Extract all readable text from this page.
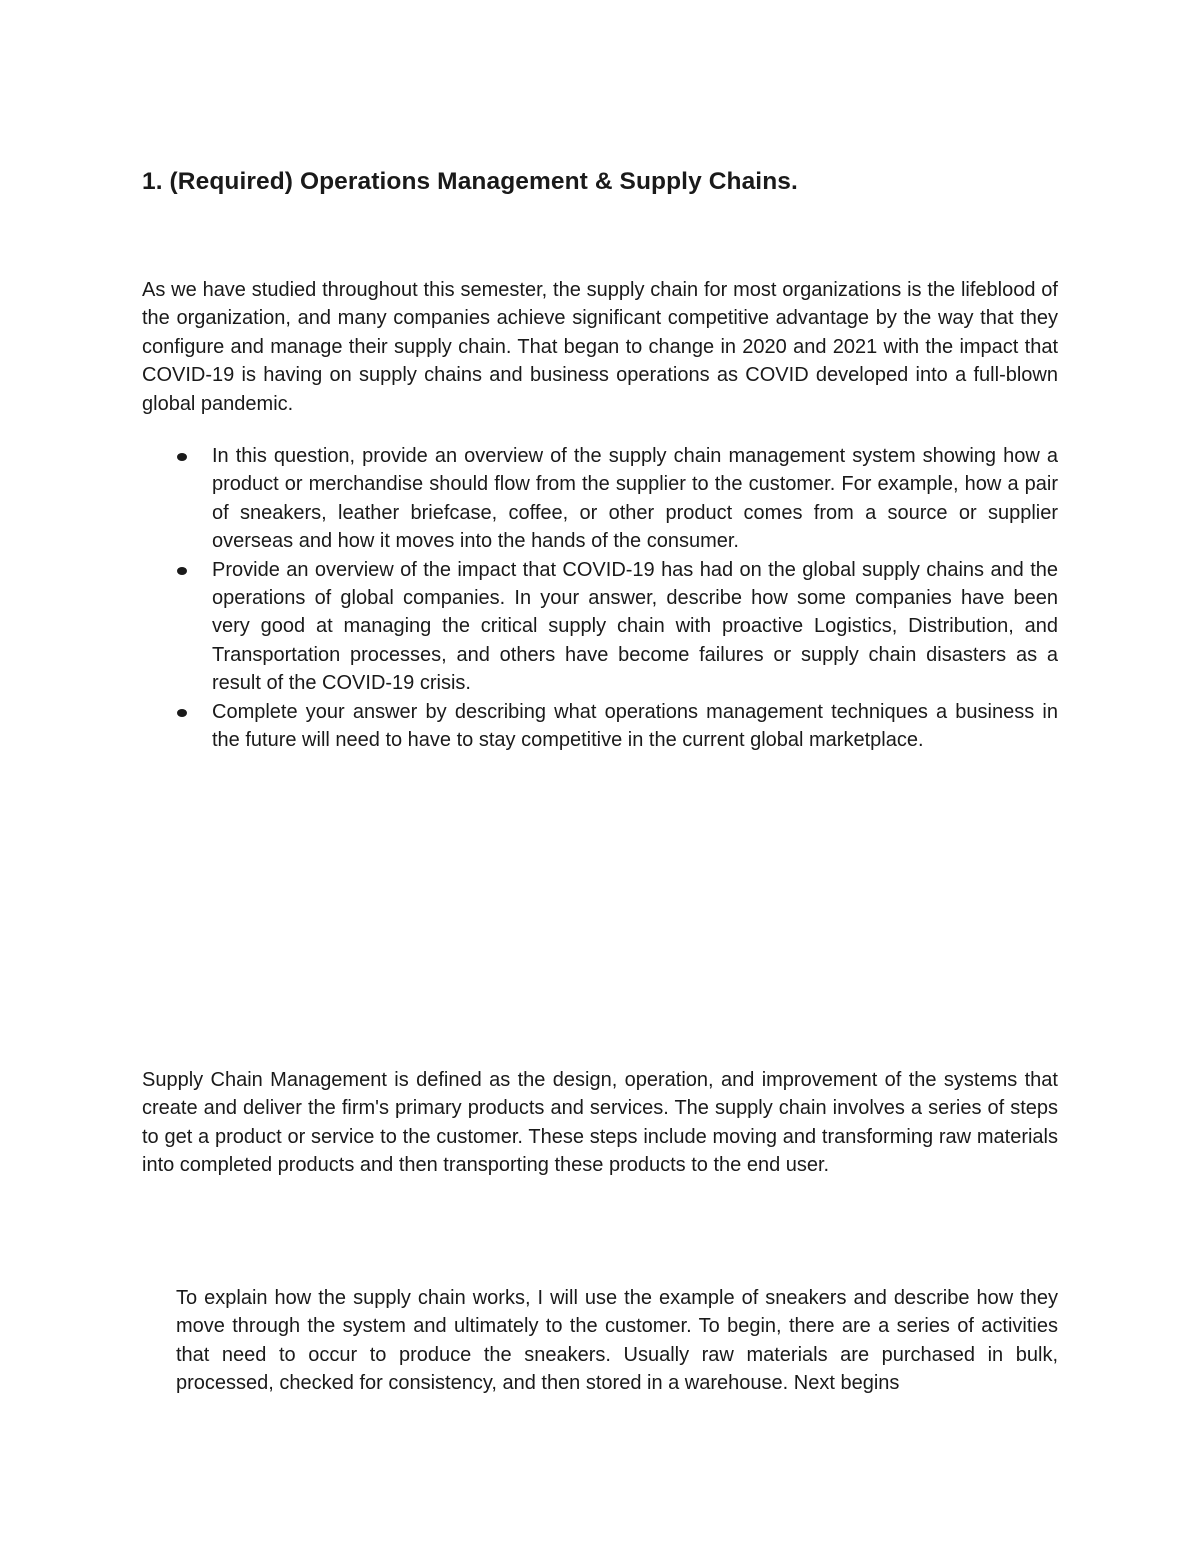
1. (Required) Operations Management & Supply Chains.

As we have studied throughout this semester, the supply chain for most organizations is the lifeblood of the organization, and many companies achieve significant competitive advantage by the way that they configure and manage their supply chain. That began to change in 2020 and 2021 with the impact that COVID-19 is having on supply chains and business operations as COVID developed into a full-blown global pandemic.

In this question, provide an overview of the supply chain management system showing how a product or merchandise should flow from the supplier to the customer. For example, how a pair of sneakers, leather briefcase, coffee, or other product comes from a source or supplier overseas and how it moves into the hands of the consumer.
Provide an overview of the impact that COVID-19 has had on the global supply chains and the operations of global companies. In your answer, describe how some companies have been very good at managing the critical supply chain with proactive Logistics, Distribution, and Transportation processes, and others have become failures or supply chain disasters as a result of the COVID-19 crisis.
Complete your answer by describing what operations management techniques a business in the future will need to have to stay competitive in the current global marketplace.

Supply Chain Management is defined as the design, operation, and improvement of the systems that create and deliver the firm's primary products and services. The supply chain involves a series of steps to get a product or service to the customer. These steps include moving and transforming raw materials into completed products and then transporting these products to the end user.

To explain how the supply chain works, I will use the example of sneakers and describe how they move through the system and ultimately to the customer. To begin, there are a series of activities that need to occur to produce the sneakers. Usually raw materials are purchased in bulk, processed, checked for consistency, and then stored in a warehouse. Next begins
